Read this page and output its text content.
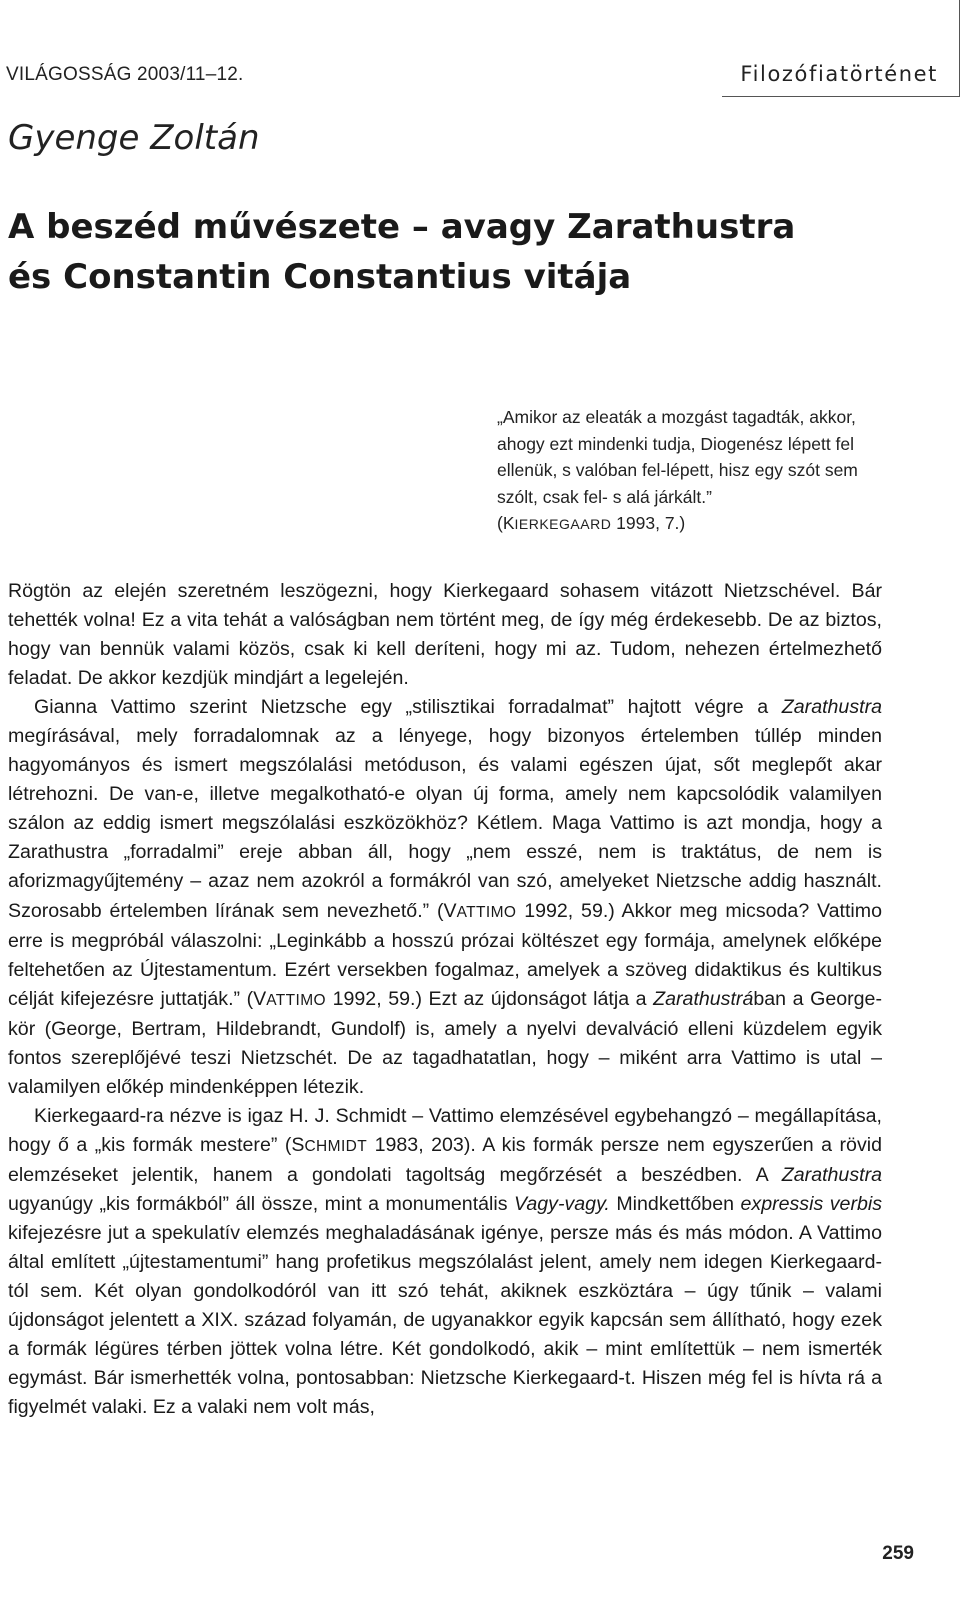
VILÁGOSSÁG 2003/11–12.	Filozófiatörténet
Gyenge Zoltán
A beszéd művészete – avagy Zarathustra
és Constantin Constantius vitája
„Amikor az eleaták a mozgást tagadták, akkor, ahogy ezt mindenki tudja, Diogenész lépett fel ellenük, s valóban fel-lépett, hisz egy szót sem szólt, csak fel- s alá járkált.”
(KIERKEGAARD 1993, 7.)

Rögtön az elején szeretném leszögezni, hogy Kierkegaard sohasem vitázott Nietzschével. Bár tehették volna! Ez a vita tehát a valóságban nem történt meg, de így még érdekesebb. De az biztos, hogy van bennük valami közös, csak ki kell deríteni, hogy mi az. Tudom, nehezen értelmezhető feladat. De akkor kezdjük mindjárt a legelején.

Gianna Vattimo szerint Nietzsche egy „stilisztikai forradalmat” hajtott végre a Zarathustra megírásával, mely forradalomnak az a lényege, hogy bizonyos értelemben túllép minden hagyományos és ismert megszólalási metóduson, és valami egészen újat, sőt meglepőt akar létrehozni. De van-e, illetve megalkotható-e olyan új forma, amely nem kapcsolódik valamilyen szálon az eddig ismert megszólalási eszközökhöz? Kétlem. Maga Vattimo is azt mondja, hogy a Zarathustra „forradalmi” ereje abban áll, hogy „nem esszé, nem is traktátus, de nem is aforizmagyűjtemény – azaz nem azokról a formákról van szó, amelyeket Nietzsche addig használt. Szorosabb értelemben lírának sem nevezhető.” (VATTIMO 1992, 59.) Akkor meg micsoda? Vattimo erre is megpróbál válaszolni: „Leginkább a hosszú prózai költészet egy formája, amelynek előképe feltehetően az Újtestamentum. Ezért versekben fogalmaz, amelyek a szöveg didaktikus és kultikus célját kifejezésre juttatják.” (VATTIMO 1992, 59.) Ezt az újdonságot látja a Zarathustrában a George-kör (George, Bertram, Hildebrandt, Gundolf) is, amely a nyelvi devalváció elleni küzdelem egyik fontos szereplőjévé teszi Nietzschét. De az tagadhatatlan, hogy – miként arra Vattimo is utal – valamilyen előkép mindenképpen létezik.

Kierkegaard-ra nézve is igaz H. J. Schmidt – Vattimo elemzésével egybehangzó – megállapítása, hogy ő a „kis formák mestere” (SCHMIDT 1983, 203). A kis formák persze nem egyszerűen a rövid elemzéseket jelentik, hanem a gondolati tagoltság megőrzését a beszédben. A Zarathustra ugyanúgy „kis formákból” áll össze, mint a monumentális Vagy-vagy. Mindkettőben expressis verbis kifejezésre jut a spekulatív elemzés meghaladásának igénye, persze más és más módon. A Vattimo által említett „újtestamentumi” hang profetikus megszólalást jelent, amely nem idegen Kierkegaard-tól sem. Két olyan gondolkodóról van itt szó tehát, akiknek eszköztára – úgy tűnik – valami újdonságot jelentett a XIX. század folyamán, de ugyanakkor egyik kapcsán sem állítható, hogy ezek a formák légüres térben jöttek volna létre. Két gondolkodó, akik – mint említettük – nem ismerték egymást. Bár ismerhették volna, pontosabban: Nietzsche Kierkegaard-t. Hiszen még fel is hívta rá a figyelmét valaki. Ez a valaki nem volt más,

259
